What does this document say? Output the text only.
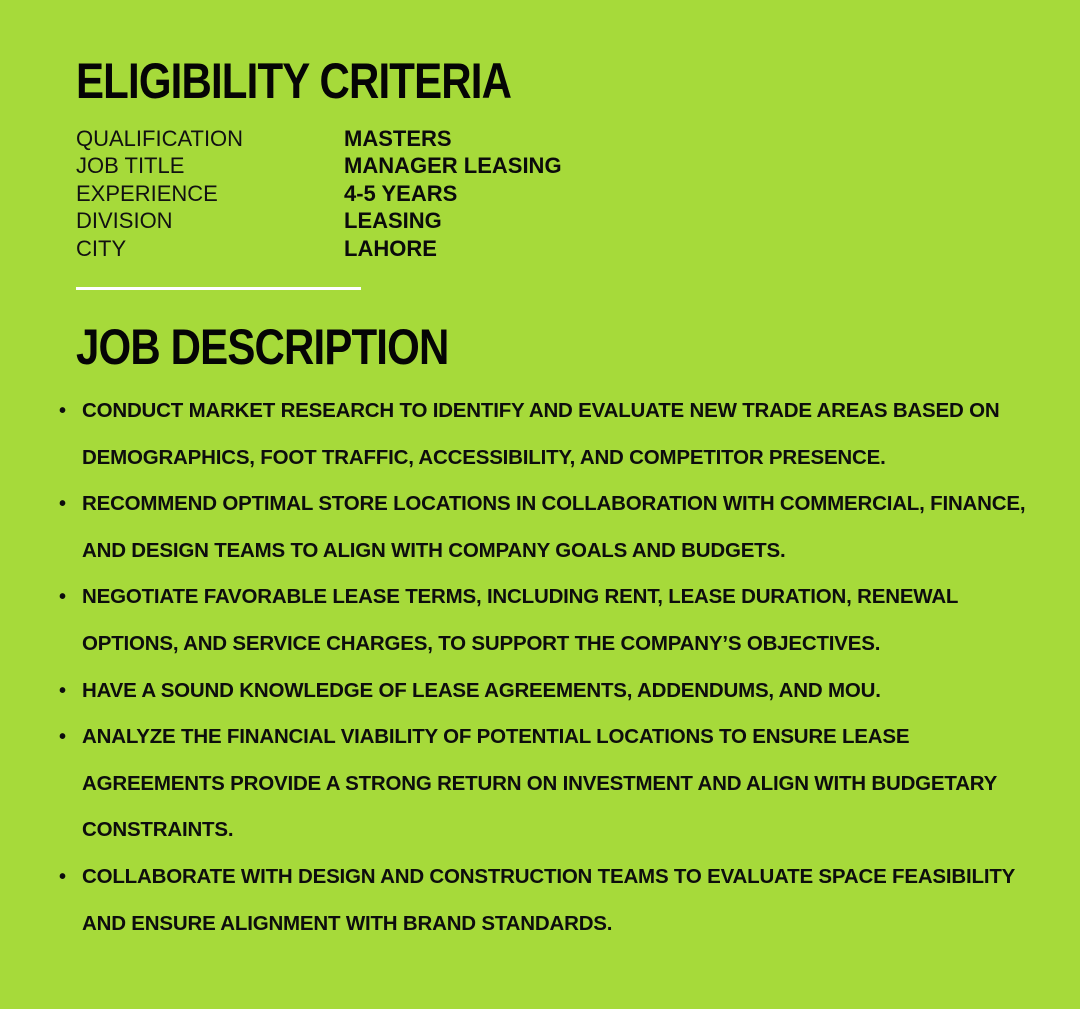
ELIGIBILITY CRITERIA
QUALIFICATION	MASTERS
JOB TITLE	MANAGER LEASING
EXPERIENCE	4-5 YEARS
DIVISION	LEASING
CITY	LAHORE
JOB DESCRIPTION
• CONDUCT MARKET RESEARCH TO IDENTIFY AND EVALUATE NEW TRADE AREAS BASED ON DEMOGRAPHICS, FOOT TRAFFIC, ACCESSIBILITY, AND COMPETITOR PRESENCE.
• RECOMMEND OPTIMAL STORE LOCATIONS IN COLLABORATION WITH COMMERCIAL, FINANCE, AND DESIGN TEAMS TO ALIGN WITH COMPANY GOALS AND BUDGETS.
• NEGOTIATE FAVORABLE LEASE TERMS, INCLUDING RENT, LEASE DURATION, RENEWAL OPTIONS, AND SERVICE CHARGES, TO SUPPORT THE COMPANY’S OBJECTIVES.
• HAVE A SOUND KNOWLEDGE OF LEASE AGREEMENTS, ADDENDUMS, AND MOU.
• ANALYZE THE FINANCIAL VIABILITY OF POTENTIAL LOCATIONS TO ENSURE LEASE AGREEMENTS PROVIDE A STRONG RETURN ON INVESTMENT AND ALIGN WITH BUDGETARY CONSTRAINTS.
• COLLABORATE WITH DESIGN AND CONSTRUCTION TEAMS TO EVALUATE SPACE FEASIBILITY AND ENSURE ALIGNMENT WITH BRAND STANDARDS.
